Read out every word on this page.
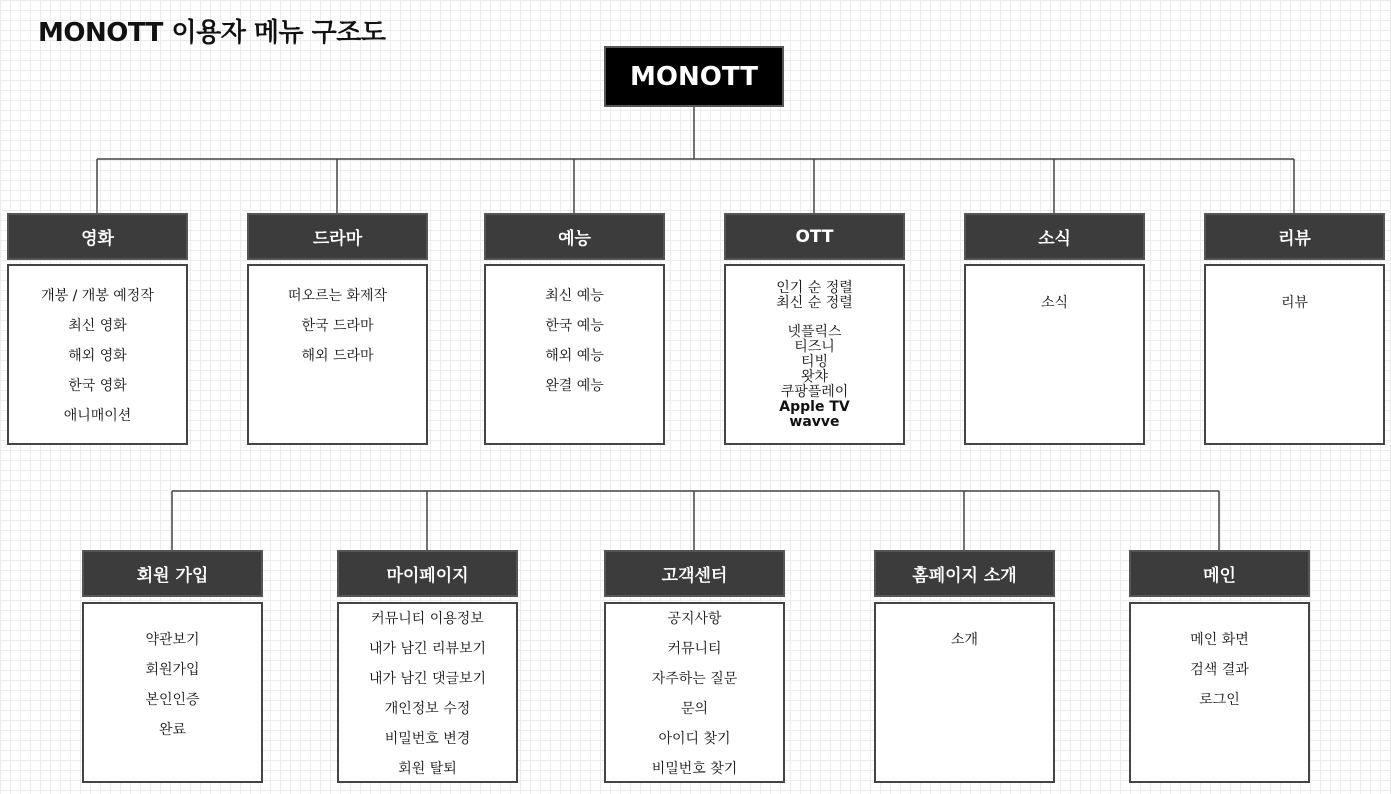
MONOTT 이용자 메뉴 구조도
MONOTT
영화
개봉 / 개봉 예정작
최신 영화
해외 영화
한국 영화
애니매이션
드라마
떠오르는 화제작
한국 드라마
해외 드라마
예능
최신 예능
한국 예능
해외 예능
완결 예능
OTT
인기 순 정렬
최신 순 정렬
넷플릭스
티즈니
티빙
왓챠
쿠팡플레이
Apple TV
wavve
소식
소식
리뷰
리뷰
회원 가입
약관보기
회원가입
본인인증
완료
마이페이지
커뮤니티 이용정보
내가 남긴 리뷰보기
내가 남긴 댓글보기
개인정보 수정
비밀번호 변경
회원 탈퇴
고객센터
공지사항
커뮤니티
자주하는 질문
문의
아이디 찾기
비밀번호 찾기
홈페이지 소개
소개
메인
메인 화면
검색 결과
로그인
